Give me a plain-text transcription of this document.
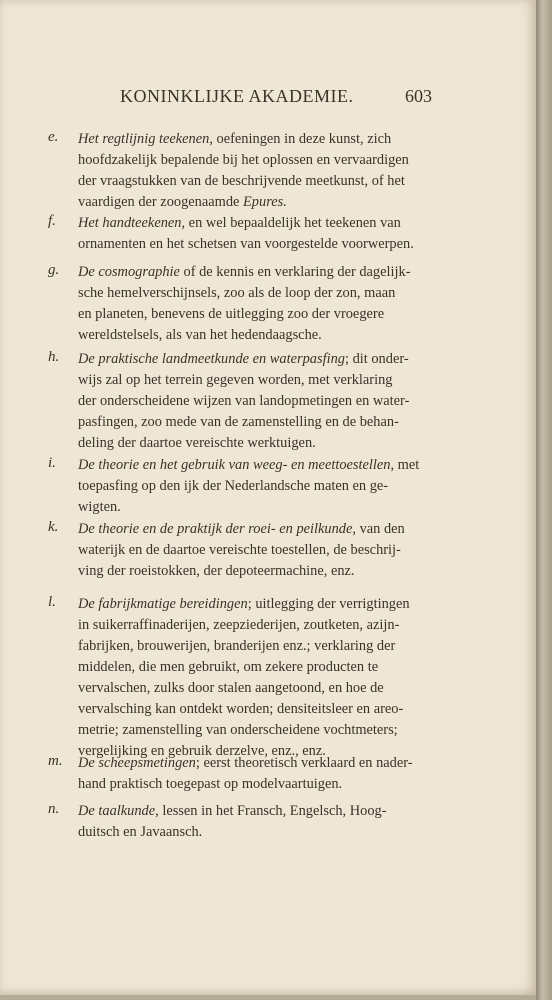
KONINKLIJKE AKADEMIE.	603
e. Het regtlijnig teekenen, oefeningen in deze kunst, zich
hoofdzakelijk bepalende bij het oplossen en vervaardigen
der vraagstukken van de beschrijvende meetkunst, of het
vaardigen der zoogenaamde Epures.
f. Het handteekenen, en wel bepaaldelijk het teekenen van
ornamenten en het schetsen van voorgestelde voorwerpen.
g. De cosmographie of de kennis en verklaring der dagelijk-
sche hemelverschijnsels, zoo als de loop der zon, maan
en planeten, benevens de uitlegging zoo der vroegere
wereldstelsels, als van het hedendaagsche.
h. De praktische landmeetkunde en waterpasfing; dit onder-
wijs zal op het terrein gegeven worden, met verklaring
der onderscheidene wijzen van landopmetingen en water-
pasfingen, zoo mede van de zamenstelling en de behan-
deling der daartoe vereischte werktuigen.
i. De theorie en het gebruik van weeg- en meettoestellen, met
toepasfing op den ijk der Nederlandsche maten en ge-
wigten.
k. De theorie en de praktijk der roei- en peilkunde, van den
waterijk en de daartoe vereischte toestellen, de beschrij-
ving der roeistokken, der depoteermachine, enz.
l. De fabrijkmatige bereidingen; uitlegging der verrigtingen
in suikerraffinaderijen, zeepziederijen, zoutketen, azijn-
fabrijken, brouwerijen, branderijen enz.; verklaring der
middelen, die men gebruikt, om zekere producten te
vervalschen, zulks door stalen aangetoond, en hoe de
vervalsching kan ontdekt worden; densiteitsleer en areo-
metrie; zamenstelling van onderscheidene vochtmeters;
vergelijking en gebruik derzelve, enz., enz.
m. De scheepsmetingen; eerst theoretisch verklaard en nader-
hand praktisch toegepast op modelvaartuigen.
n. De taalkunde, lessen in het Fransch, Engelsch, Hoog-
duitsch en Javaansch.
